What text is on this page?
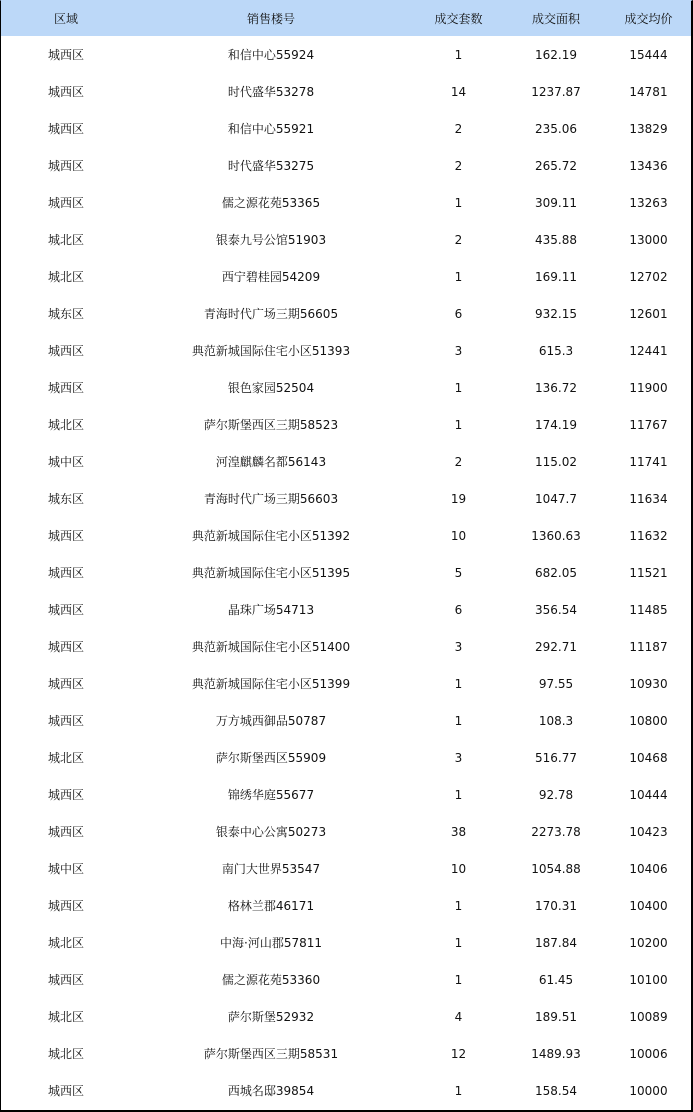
区域	销售楼号	成交套数	成交面积	成交均价
城西区	和信中心55924	1	162.19	15444
城西区	时代盛华53278	14	1237.87	14781
城西区	和信中心55921	2	235.06	13829
城西区	时代盛华53275	2	265.72	13436
城西区	儒之源花苑53365	1	309.11	13263
城北区	银泰九号公馆51903	2	435.88	13000
城北区	西宁碧桂园54209	1	169.11	12702
城东区	青海时代广场三期56605	6	932.15	12601
城西区	典范新城国际住宅小区51393	3	615.3	12441
城西区	银色家园52504	1	136.72	11900
城北区	萨尔斯堡西区三期58523	1	174.19	11767
城中区	河湟麒麟名都56143	2	115.02	11741
城东区	青海时代广场三期56603	19	1047.7	11634
城西区	典范新城国际住宅小区51392	10	1360.63	11632
城西区	典范新城国际住宅小区51395	5	682.05	11521
城西区	晶珠广场54713	6	356.54	11485
城西区	典范新城国际住宅小区51400	3	292.71	11187
城西区	典范新城国际住宅小区51399	1	97.55	10930
城西区	万方城西御品50787	1	108.3	10800
城北区	萨尔斯堡西区55909	3	516.77	10468
城西区	锦绣华庭55677	1	92.78	10444
城西区	银泰中心公寓50273	38	2273.78	10423
城中区	南门大世界53547	10	1054.88	10406
城西区	格林兰郡46171	1	170.31	10400
城北区	中海·河山郡57811	1	187.84	10200
城西区	儒之源花苑53360	1	61.45	10100
城北区	萨尔斯堡52932	4	189.51	10089
城北区	萨尔斯堡西区三期58531	12	1489.93	10006
城西区	西城名邸39854	1	158.54	10000
